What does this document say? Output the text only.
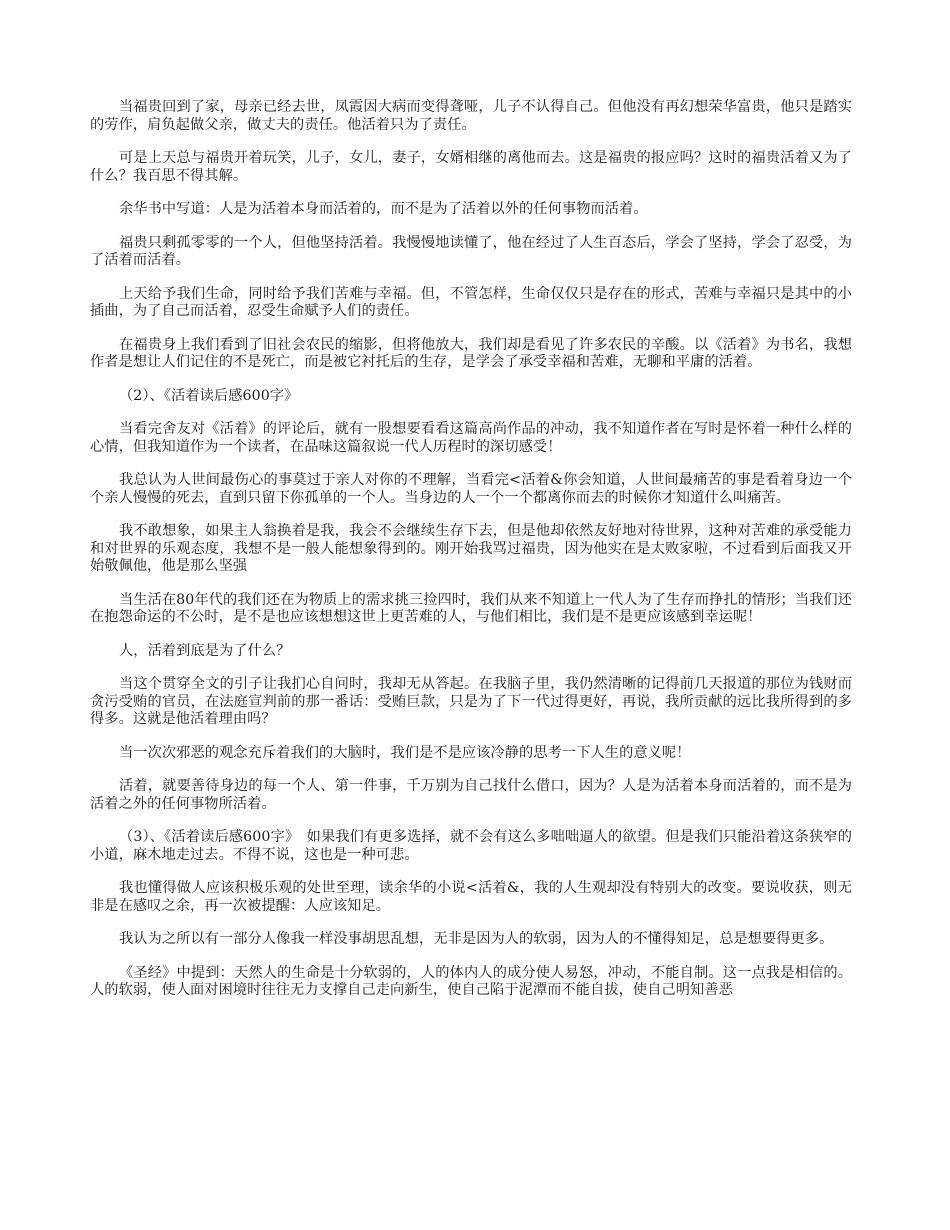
当福贵回到了家，母亲已经去世，凤霞因大病而变得聋哑，儿子不认得自己。但他没有再幻想荣华富贵，他只是踏实的劳作，肩负起做父亲，做丈夫的责任。他活着只为了责任。

可是上天总与福贵开着玩笑，儿子，女儿，妻子，女婿相继的离他而去。这是福贵的报应吗？这时的福贵活着又为了什么？我百思不得其解。

余华书中写道：人是为活着本身而活着的，而不是为了活着以外的任何事物而活着。

福贵只剩孤零零的一个人，但他坚持活着。我慢慢地读懂了，他在经过了人生百态后，学会了坚持，学会了忍受，为了活着而活着。

上天给予我们生命，同时给予我们苦难与幸福。但，不管怎样，生命仅仅只是存在的形式，苦难与幸福只是其中的小插曲，为了自己而活着，忍受生命赋予人们的责任。

在福贵身上我们看到了旧社会农民的缩影，但将他放大，我们却是看见了许多农民的辛酸。以《活着》为书名，我想作者是想让人们记住的不是死亡，而是被它衬托后的生存，是学会了承受幸福和苦难，无聊和平庸的活着。

（2）、《活着读后感600字》

当看完舍友对《活着》的评论后，就有一股想要看看这篇高尚作品的冲动，我不知道作者在写时是怀着一种什么样的心情，但我知道作为一个读者，在品味这篇叙说一代人历程时的深切感受！

我总认为人世间最伤心的事莫过于亲人对你的不理解，当看完<活着&你会知道，人世间最痛苦的事是看着身边一个个亲人慢慢的死去，直到只留下你孤单的一个人。当身边的人一个一个都离你而去的时候你才知道什么叫痛苦。

我不敢想象，如果主人翁换着是我，我会不会继续生存下去，但是他却依然友好地对待世界，这种对苦难的承受能力和对世界的乐观态度，我想不是一般人能想象得到的。刚开始我骂过福贵，因为他实在是太败家啦，不过看到后面我又开始敬佩他，他是那么坚强

当生活在80年代的我们还在为物质上的需求挑三捡四时，我们从来不知道上一代人为了生存而挣扎的情形；当我们还在抱怨命运的不公时，是不是也应该想想这世上更苦难的人，与他们相比，我们是不是更应该感到幸运呢！

人，活着到底是为了什么？

当这个贯穿全文的引子让我扪心自问时，我却无从答起。在我脑子里，我仍然清晰的记得前几天报道的那位为钱财而贪污受贿的官员，在法庭宣判前的那一番话：受贿巨款，只是为了下一代过得更好，再说，我所贡献的远比我所得到的多得多。这就是他活着理由吗？

当一次次邪恶的观念充斥着我们的大脑时，我们是不是应该冷静的思考一下人生的意义呢！

活着，就要善待身边的每一个人、第一件事，千万别为自己找什么借口，因为？人是为活着本身而活着的，而不是为活着之外的任何事物所活着。

（3）、《活着读后感600字》　如果我们有更多选择，就不会有这么多咄咄逼人的欲望。但是我们只能沿着这条狭窄的小道，麻木地走过去。不得不说，这也是一种可悲。

我也懂得做人应该积极乐观的处世至理，读余华的小说<活着&，我的人生观却没有特别大的改变。要说收获，则无非是在感叹之余，再一次被提醒：人应该知足。

我认为之所以有一部分人像我一样没事胡思乱想，无非是因为人的软弱，因为人的不懂得知足，总是想要得更多。

《圣经》中提到：天然人的生命是十分软弱的，人的体内人的成分使人易怒，冲动，不能自制。这一点我是相信的。人的软弱，使人面对困境时往往无力支撑自己走向新生，使自己陷于泥潭而不能自拔，使自己明知善恶
